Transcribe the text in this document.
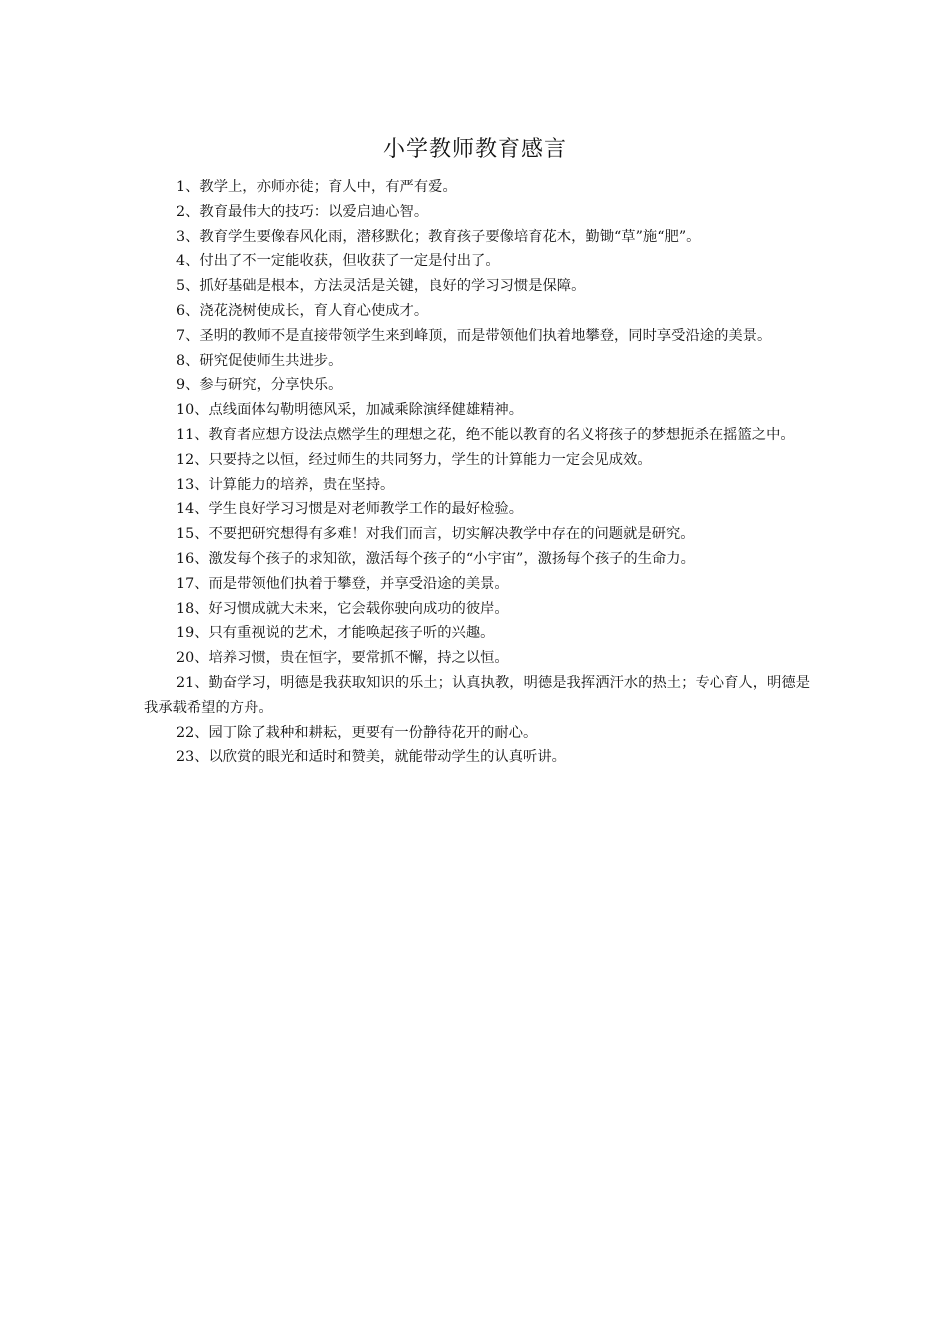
小学教师教育感言
1、教学上，亦师亦徒；育人中，有严有爱。
2、教育最伟大的技巧：以爱启迪心智。
3、教育学生要像春风化雨，潜移默化；教育孩子要像培育花木，勤锄“草”施“肥”。
4、付出了不一定能收获，但收获了一定是付出了。
5、抓好基础是根本，方法灵活是关键，良好的学习习惯是保障。
6、浇花浇树使成长，育人育心使成才。
7、圣明的教师不是直接带领学生来到峰顶，而是带领他们执着地攀登，同时享受沿途的美景。
8、研究促使师生共进步。
9、参与研究，分享快乐。
10、点线面体勾勒明德风采，加减乘除演绎健雄精神。
11、教育者应想方设法点燃学生的理想之花，绝不能以教育的名义将孩子的梦想扼杀在摇篮之中。
12、只要持之以恒，经过师生的共同努力，学生的计算能力一定会见成效。
13、计算能力的培养，贵在坚持。
14、学生良好学习习惯是对老师教学工作的最好检验。
15、不要把研究想得有多难！对我们而言，切实解决教学中存在的问题就是研究。
16、激发每个孩子的求知欲，激活每个孩子的“小宇宙”，激扬每个孩子的生命力。
17、而是带领他们执着于攀登，并享受沿途的美景。
18、好习惯成就大未来，它会载你驶向成功的彼岸。
19、只有重视说的艺术，才能唤起孩子听的兴趣。
20、培养习惯，贵在恒字，要常抓不懈，持之以恒。
21、勤奋学习，明德是我获取知识的乐土；认真执教，明德是我挥洒汗水的热土；专心育人，明德是我承载希望的方舟。
22、园丁除了栽种和耕耘，更要有一份静待花开的耐心。
23、以欣赏的眼光和适时和赞美，就能带动学生的认真听讲。
